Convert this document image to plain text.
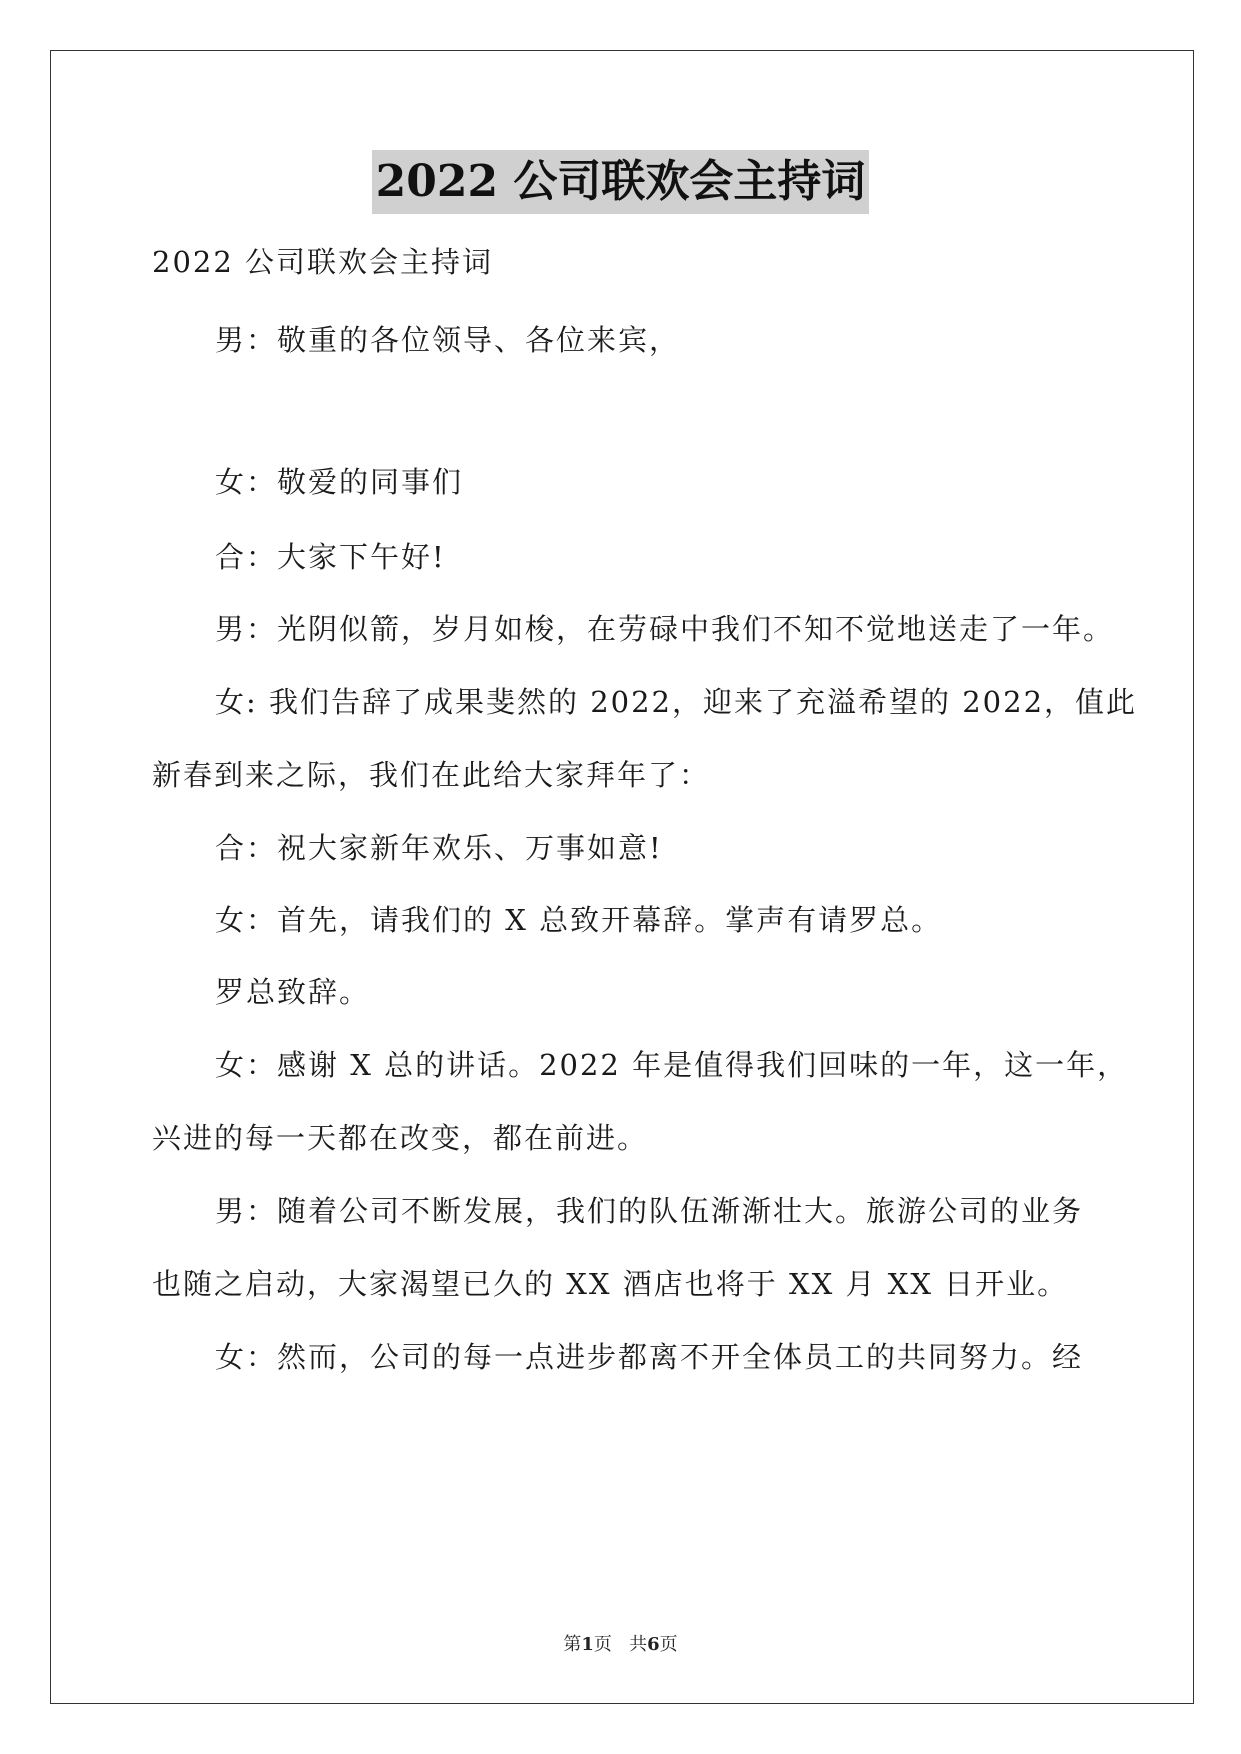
2022 公司联欢会主持词
2022 公司联欢会主持词
男：敬重的各位领导、各位来宾，
女：敬爱的同事们
合：大家下午好!
男：光阴似箭，岁月如梭，在劳碌中我们不知不觉地送走了一年。
女: 我们告辞了成果斐然的 2022，迎来了充溢希望的 2022，值此
新春到来之际，我们在此给大家拜年了：
合：祝大家新年欢乐、万事如意!
女：首先，请我们的 X 总致开幕辞。掌声有请罗总。
罗总致辞。
女：感谢 X 总的讲话。2022 年是值得我们回味的一年，这一年，
兴进的每一天都在改变，都在前进。
男：随着公司不断发展，我们的队伍渐渐壮大。旅游公司的业务
也随之启动，大家渴望已久的 XX 酒店也将于 XX 月 XX 日开业。
女：然而，公司的每一点进步都离不开全体员工的共同努力。经
第1页   共6页
